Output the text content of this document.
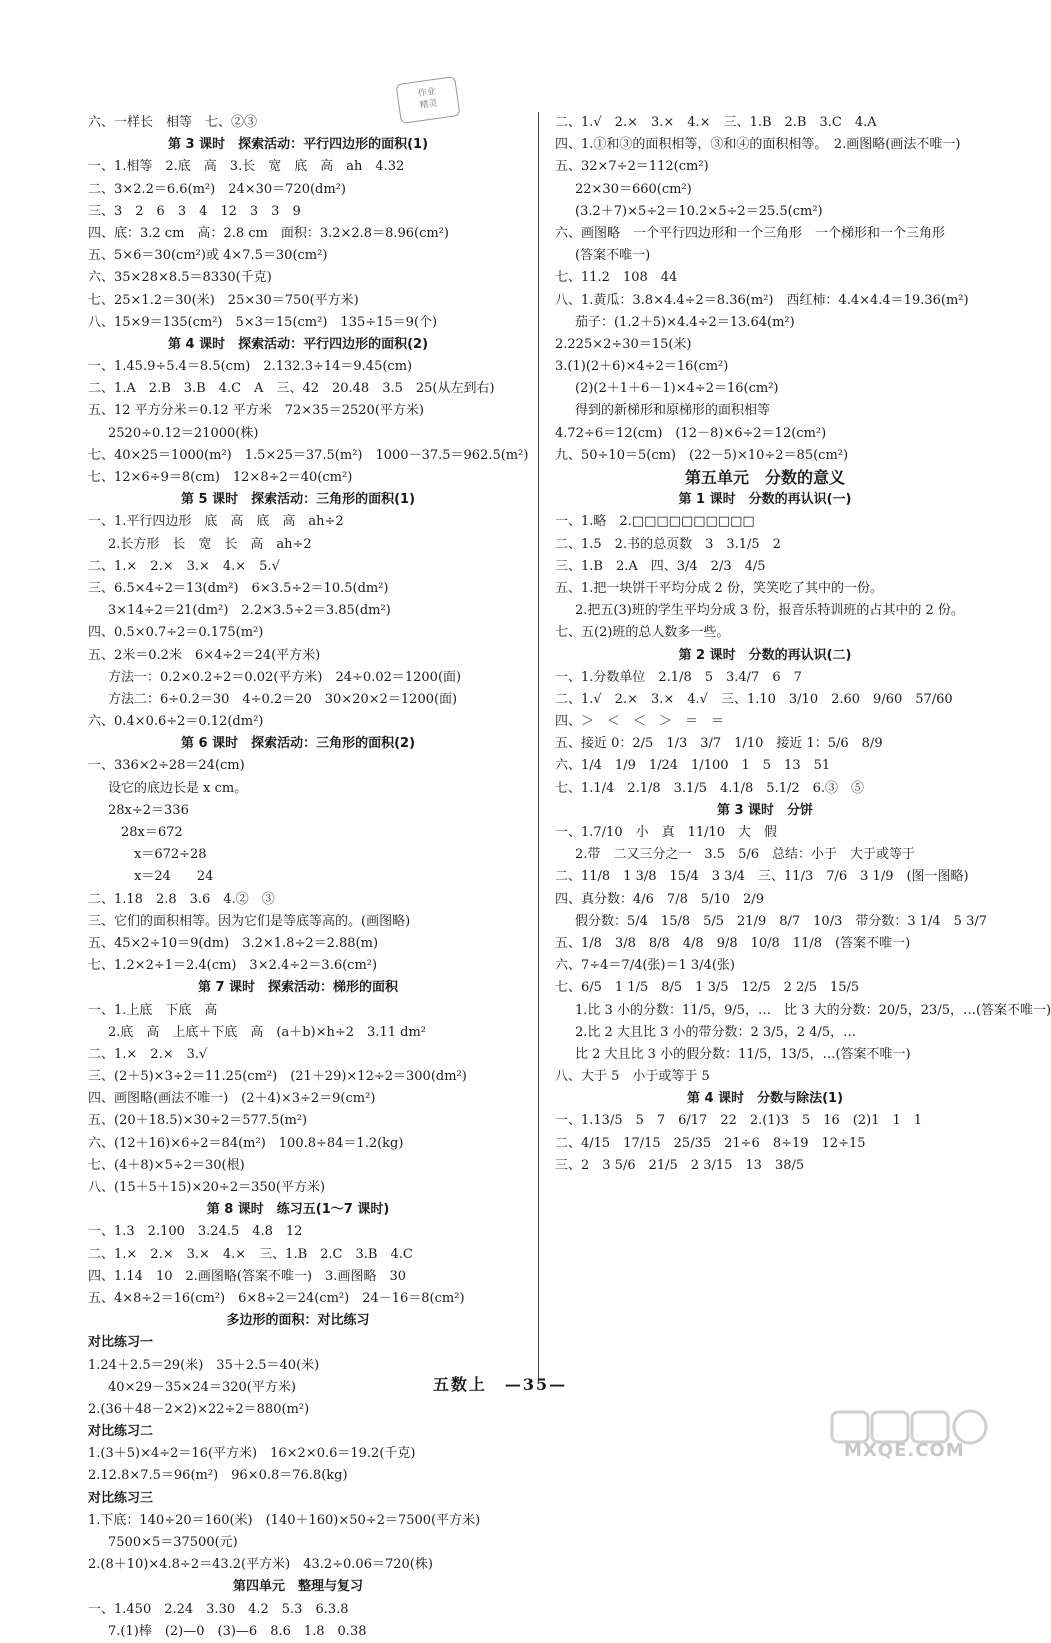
作业
精灵
六、一样长　相等　七、②③
第 3 课时　探索活动：平行四边形的面积(1)
一、1.相等　2.底　高　3.长　宽　底　高　ah　4.32
二、3×2.2＝6.6(m²)　24×30＝720(dm²)
三、3　2　6　3　4　12　3　3　9
四、底：3.2 cm　高：2.8 cm　面积：3.2×2.8＝8.96(cm²)
五、5×6＝30(cm²)或 4×7.5＝30(cm²)
六、35×28×8.5＝8330(千克)
七、25×1.2＝30(米)　25×30＝750(平方米)
八、15×9＝135(cm²)　5×3＝15(cm²)　135÷15＝9(个)
第 4 课时　探索活动：平行四边形的面积(2)
一、1.45.9÷5.4＝8.5(cm)　2.132.3÷14＝9.45(cm)
二、1.A　2.B　3.B　4.C　A　三、42　20.48　3.5　25(从左到右)
五、12 平方分米＝0.12 平方米　72×35＝2520(平方米)
2520÷0.12＝21000(株)
七、40×25＝1000(m²)　1.5×25＝37.5(m²)　1000－37.5＝962.5(m²)
七、12×6÷9＝8(cm)　12×8÷2＝40(cm²)
第 5 课时　探索活动：三角形的面积(1)
一、1.平行四边形　底　高　底　高　ah÷2
2.长方形　长　宽　长　高　ah÷2
二、1.×　2.×　3.×　4.×　5.√
三、6.5×4÷2＝13(dm²)　6×3.5÷2＝10.5(dm²)
3×14÷2＝21(dm²)　2.2×3.5÷2＝3.85(dm²)
四、0.5×0.7÷2＝0.175(m²)
五、2米＝0.2米　6×4÷2＝24(平方米)
方法一：0.2×0.2÷2＝0.02(平方米)　24÷0.02＝1200(面)
方法二：6÷0.2＝30　4÷0.2＝20　30×20×2＝1200(面)
六、0.4×0.6÷2＝0.12(dm²)
第 6 课时　探索活动：三角形的面积(2)
一、336×2÷28＝24(cm)
设它的底边长是 x cm。
28x÷2＝336
　28x＝672
　　x＝672÷28
　　x＝24　　24
二、1.18　2.8　3.6　4.②　③
三、它们的面积相等。因为它们是等底等高的。(画图略)
五、45×2÷10＝9(dm)　3.2×1.8÷2＝2.88(m)
七、1.2×2÷1＝2.4(cm)　3×2.4÷2＝3.6(cm²)
第 7 课时　探索活动：梯形的面积
一、1.上底　下底　高
2.底　高　上底＋下底　高　(a＋b)×h÷2　3.11 dm²
二、1.×　2.×　3.√
三、(2＋5)×3÷2＝11.25(cm²)　(21＋29)×12÷2＝300(dm²)
四、画图略(画法不唯一)　(2＋4)×3÷2＝9(cm²)
五、(20＋18.5)×30÷2＝577.5(m²)
六、(12＋16)×6÷2＝84(m²)　100.8÷84＝1.2(kg)
七、(4＋8)×5÷2＝30(根)
八、(15＋5＋15)×20÷2＝350(平方米)
第 8 课时　练习五(1～7 课时)
一、1.3　2.100　3.24.5　4.8　12
二、1.×　2.×　3.×　4.×　三、1.B　2.C　3.B　4.C
四、1.14　10　2.画图略(答案不唯一)　3.画图略　30
五、4×8÷2＝16(cm²)　6×8÷2＝24(cm²)　24－16＝8(cm²)
多边形的面积：对比练习
对比练习一
1.24＋2.5＝29(米)　35＋2.5＝40(米)
40×29－35×24＝320(平方米)
2.(36＋48－2×2)×22÷2＝880(m²)
对比练习二
1.(3＋5)×4÷2＝16(平方米)　16×2×0.6＝19.2(千克)
2.12.8×7.5＝96(m²)　96×0.8＝76.8(kg)
对比练习三
1.下底：140÷20＝160(米)　(140＋160)×50÷2＝7500(平方米)
7500×5＝37500(元)
2.(8＋10)×4.8÷2＝43.2(平方米)　43.2÷0.06＝720(株)
第四单元　整理与复习
一、1.450　2.24　3.30　4.2　5.3　6.3.8
7.(1)棒　(2)—0　(3)—6　8.6　1.8　0.38
二、1.√　2.×　3.×　4.×　三、1.B　2.B　3.C　4.A
四、1.①和③的面积相等，③和④的面积相等。　2.画图略(画法不唯一)
五、32×7÷2＝112(cm²)
22×30＝660(cm²)
(3.2＋7)×5÷2＝10.2×5÷2＝25.5(cm²)
六、画图略　一个平行四边形和一个三角形　一个梯形和一个三角形
(答案不唯一)
七、11.2　108　44
八、1.黄瓜：3.8×4.4÷2＝8.36(m²)　西红柿：4.4×4.4＝19.36(m²)
茄子：(1.2＋5)×4.4÷2＝13.64(m²)
2.225×2÷30＝15(米)
3.(1)(2＋6)×4÷2＝16(cm²)
(2)(2＋1＋6－1)×4÷2＝16(cm²)
得到的新梯形和原梯形的面积相等
4.72÷6＝12(cm)　(12－8)×6÷2＝12(cm²)
九、50÷10＝5(cm)　(22－5)×10÷2＝85(cm²)
第五单元　分数的意义
第 1 课时　分数的再认识(一)
一、1.略　2.□□□□□□□□□□
二、1.5　2.书的总页数　3　3.1/5　2
三、1.B　2.A　四、3/4　2/3　4/5
五、1.把一块饼干平均分成 2 份，笑笑吃了其中的一份。
2.把五(3)班的学生平均分成 3 份，报音乐特训班的占其中的 2 份。
七、五(2)班的总人数多一些。
第 2 课时　分数的再认识(二)
一、1.分数单位　2.1/8　5　3.4/7　6　7
二、1.√　2.×　3.×　4.√　三、1.10　3/10　2.60　9/60　57/60
四、＞　＜　＜　＞　＝　＝
五、接近 0：2/5　1/3　3/7　1/10　接近 1：5/6　8/9
六、1/4　1/9　1/24　1/100　1　5　13　51
七、1.1/4　2.1/8　3.1/5　4.1/8　5.1/2　6.③　⑤
第 3 课时　分饼
一、1.7/10　小　真　11/10　大　假
2.带　二又三分之一　3.5　5/6　总结：小于　大于或等于
二、11/8　1 3/8　15/4　3 3/4　三、11/3　7/6　3 1/9　(图一图略)
四、真分数：4/6　7/8　5/10　2/9
假分数：5/4　15/8　5/5　21/9　8/7　10/3　带分数：3 1/4　5 3/7
五、1/8　3/8　8/8　4/8　9/8　10/8　11/8　(答案不唯一)
六、7÷4＝7/4(张)＝1 3/4(张)
七、6/5　1 1/5　8/5　1 3/5　12/5　2 2/5　15/5
1.比 3 小的分数：11/5，9/5，…　比 3 大的分数：20/5，23/5，…(答案不唯一)
2.比 2 大且比 3 小的带分数：2 3/5，2 4/5，…
比 2 大且比 3 小的假分数：11/5，13/5，…(答案不唯一)
八、大于 5　小于或等于 5
第 4 课时　分数与除法(1)
一、1.13/5　5　7　6/17　22　2.(1)3　5　16　(2)1　1　1
二、4/15　17/15　25/35　21÷6　8÷19　12÷15
三、2　3 5/6　21/5　2 3/15　13　38/5
五数上　—35—
MXQE.COM
